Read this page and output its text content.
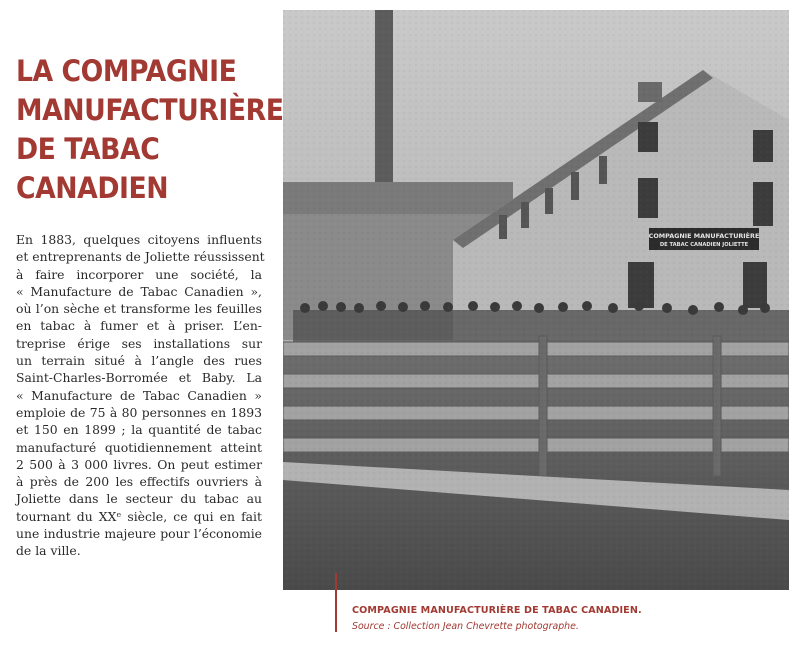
LA COMPAGNIE
MANUFACTURIÈRE
DE TABAC
CANADIEN
En 1883, quelques citoyens influents
et entreprenants de Joliette réussissent
à faire incorporer une société, la
« Manufacture de Tabac Canadien »,
où l’on sèche et transforme les feuilles
en tabac à fumer et à priser. L’en-
treprise érige ses installations sur
un terrain situé à l’angle des rues
Saint-Charles-Borromée et Baby. La
« Manufacture de Tabac Canadien »
emploie de 75 à 80 personnes en 1893
et 150 en 1899 ; la quantité de tabac
manufacturé quotidiennement atteint
2 500 à 3 000 livres. On peut estimer
à près de 200 les effectifs ouvriers à
Joliette dans le secteur du tabac au
tournant du XXᵉ siècle, ce qui en fait
une industrie majeure pour l’économie
de la ville.

COMPAGNIE MANUFACTURIÈRE DE TABAC CANADIEN.

Source : Collection Jean Chevrette photographe.
